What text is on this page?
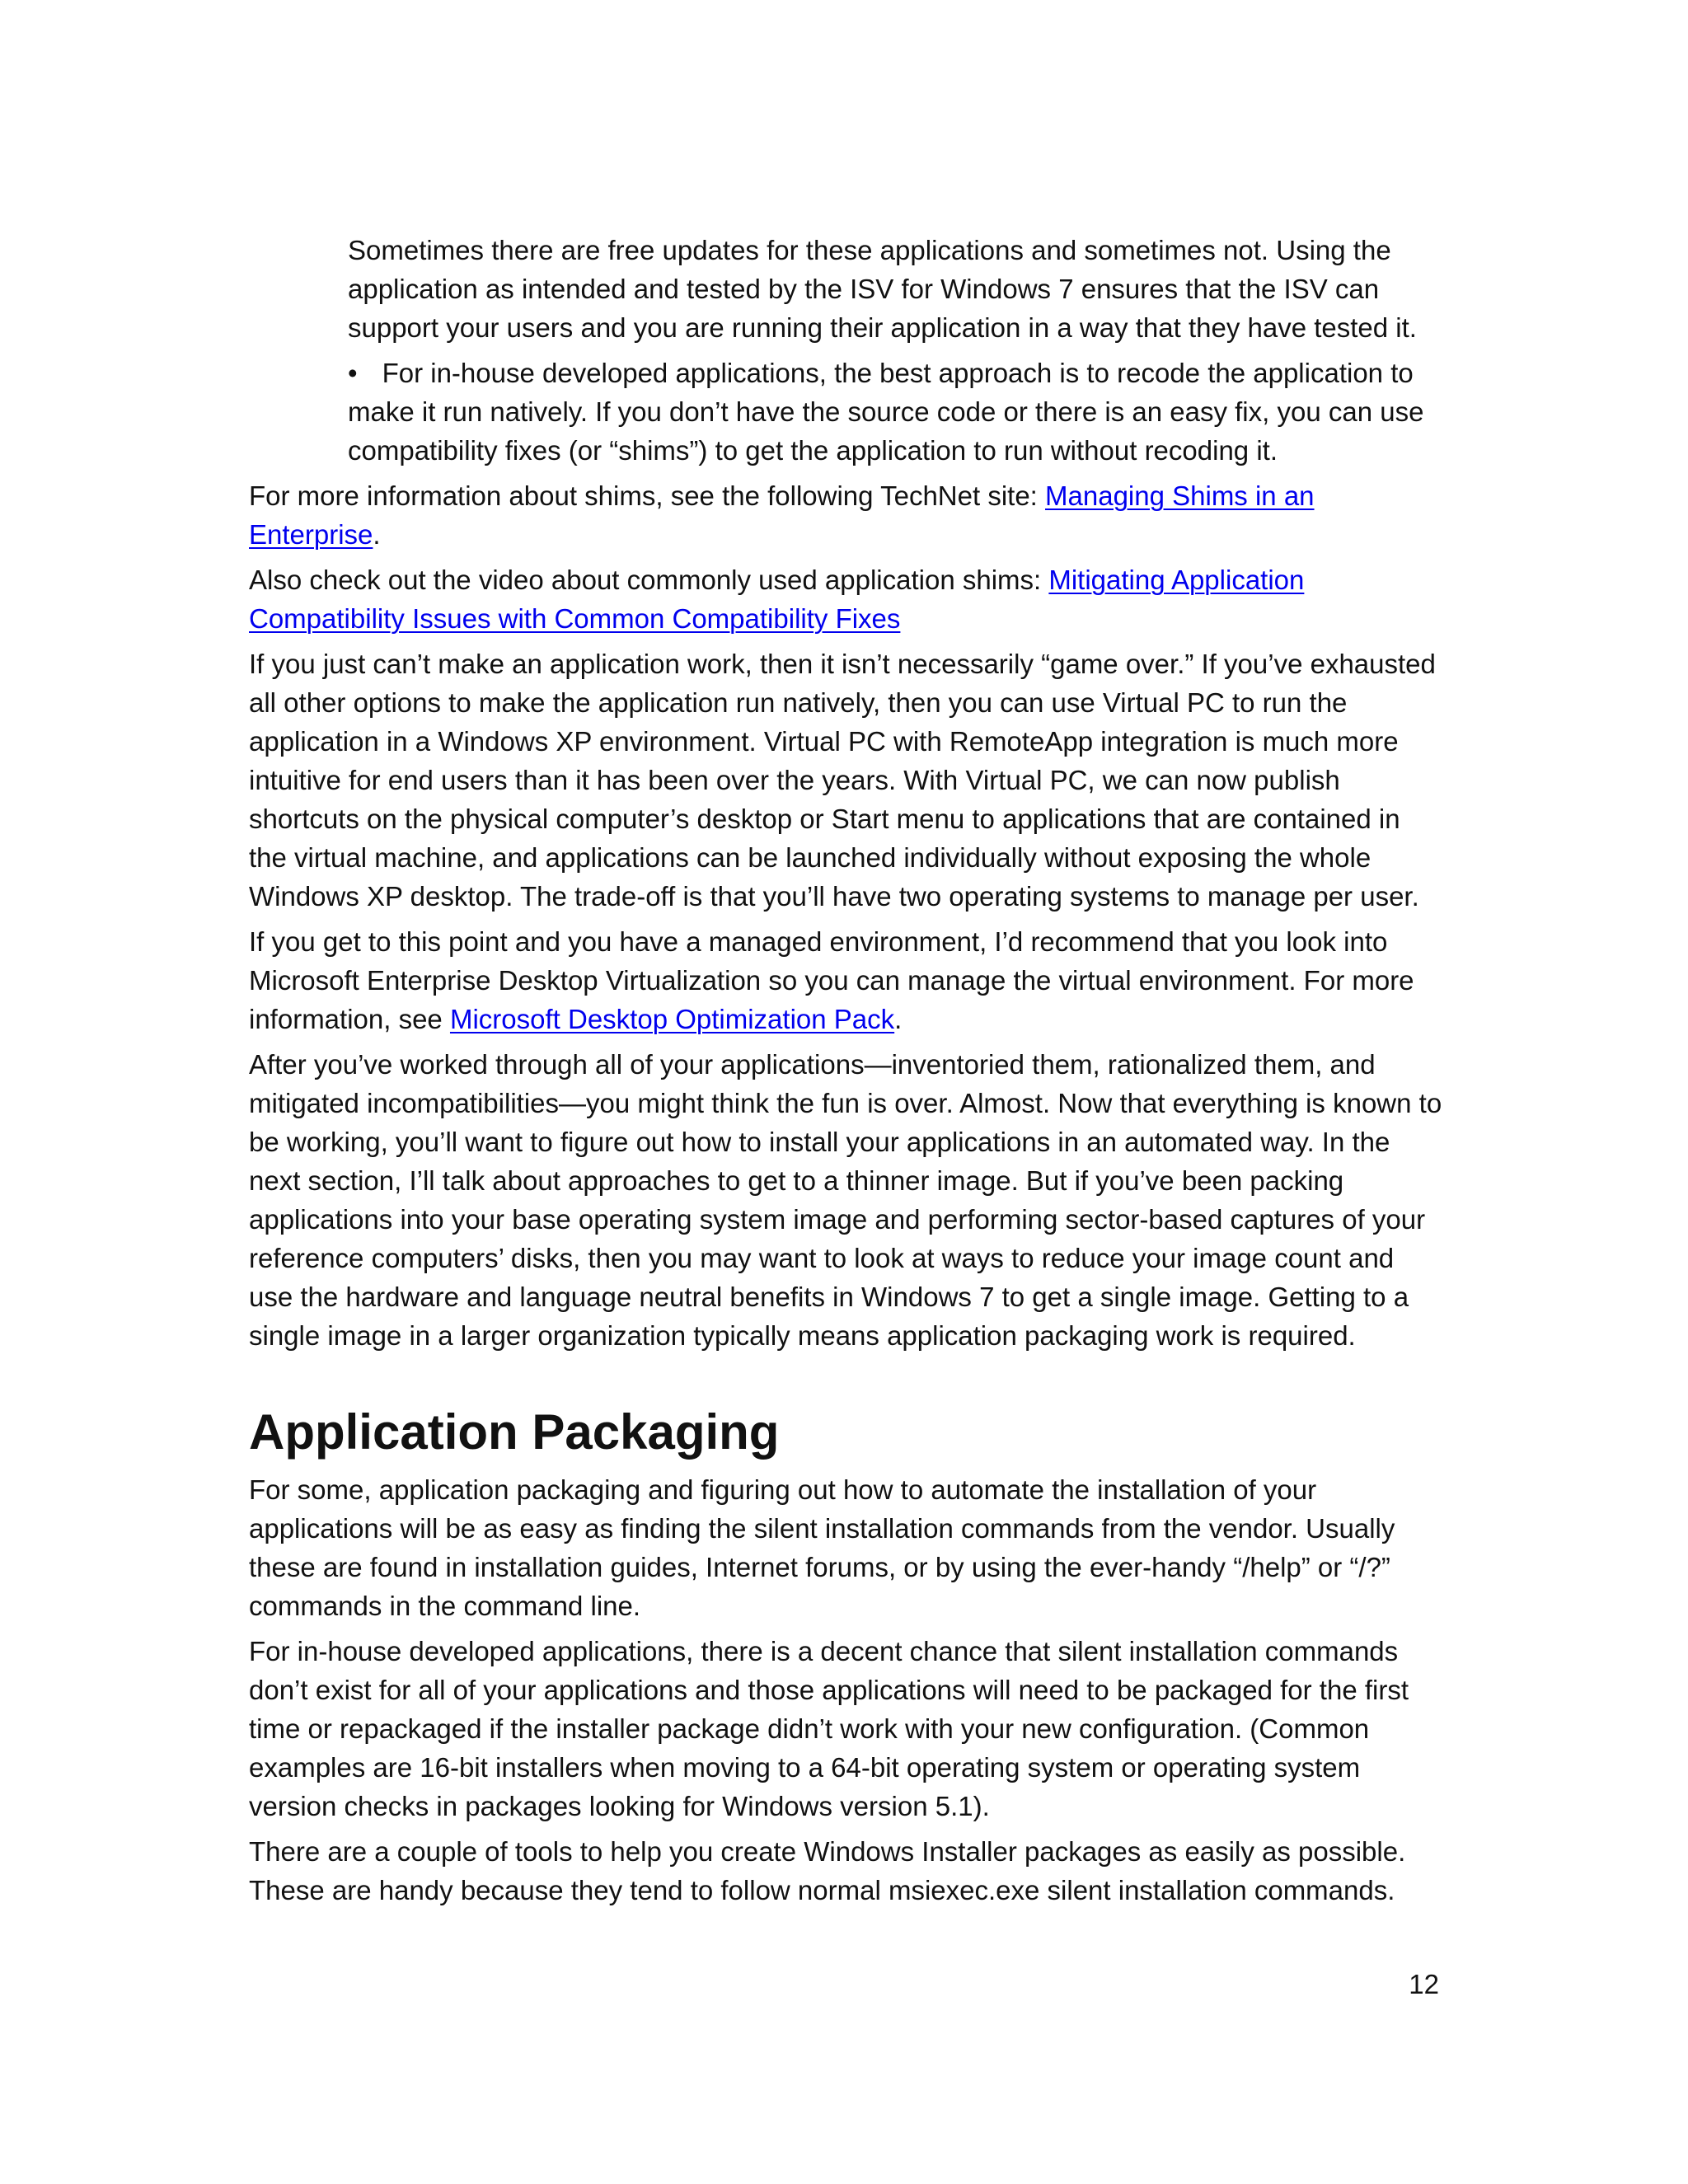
Sometimes there are free updates for these applications and sometimes not. Using the application as intended and tested by the ISV for Windows 7 ensures that the ISV can support your users and you are running their application in a way that they have tested it.

• For in-house developed applications, the best approach is to recode the application to make it run natively. If you don’t have the source code or there is an easy fix, you can use compatibility fixes (or “shims”) to get the application to run without recoding it.

For more information about shims, see the following TechNet site: Managing Shims in an Enterprise.

Also check out the video about commonly used application shims: Mitigating Application Compatibility Issues with Common Compatibility Fixes

If you just can’t make an application work, then it isn’t necessarily “game over.” If you’ve exhausted all other options to make the application run natively, then you can use Virtual PC to run the application in a Windows XP environment. Virtual PC with RemoteApp integration is much more intuitive for end users than it has been over the years. With Virtual PC, we can now publish shortcuts on the physical computer’s desktop or Start menu to applications that are contained in the virtual machine, and applications can be launched individually without exposing the whole Windows XP desktop. The trade-off is that you’ll have two operating systems to manage per user.

If you get to this point and you have a managed environment, I’d recommend that you look into Microsoft Enterprise Desktop Virtualization so you can manage the virtual environment. For more information, see Microsoft Desktop Optimization Pack.

After you’ve worked through all of your applications—inventoried them, rationalized them, and mitigated incompatibilities—you might think the fun is over. Almost. Now that everything is known to be working, you’ll want to figure out how to install your applications in an automated way. In the next section, I’ll talk about approaches to get to a thinner image. But if you’ve been packing applications into your base operating system image and performing sector-based captures of your reference computers’ disks, then you may want to look at ways to reduce your image count and use the hardware and language neutral benefits in Windows 7 to get a single image. Getting to a single image in a larger organization typically means application packaging work is required.

Application Packaging

For some, application packaging and figuring out how to automate the installation of your applications will be as easy as finding the silent installation commands from the vendor. Usually these are found in installation guides, Internet forums, or by using the ever-handy “/help” or “/?” commands in the command line.

For in-house developed applications, there is a decent chance that silent installation commands don’t exist for all of your applications and those applications will need to be packaged for the first time or repackaged if the installer package didn’t work with your new configuration. (Common examples are 16-bit installers when moving to a 64-bit operating system or operating system version checks in packages looking for Windows version 5.1).

There are a couple of tools to help you create Windows Installer packages as easily as possible. These are handy because they tend to follow normal msiexec.exe silent installation commands.

12
